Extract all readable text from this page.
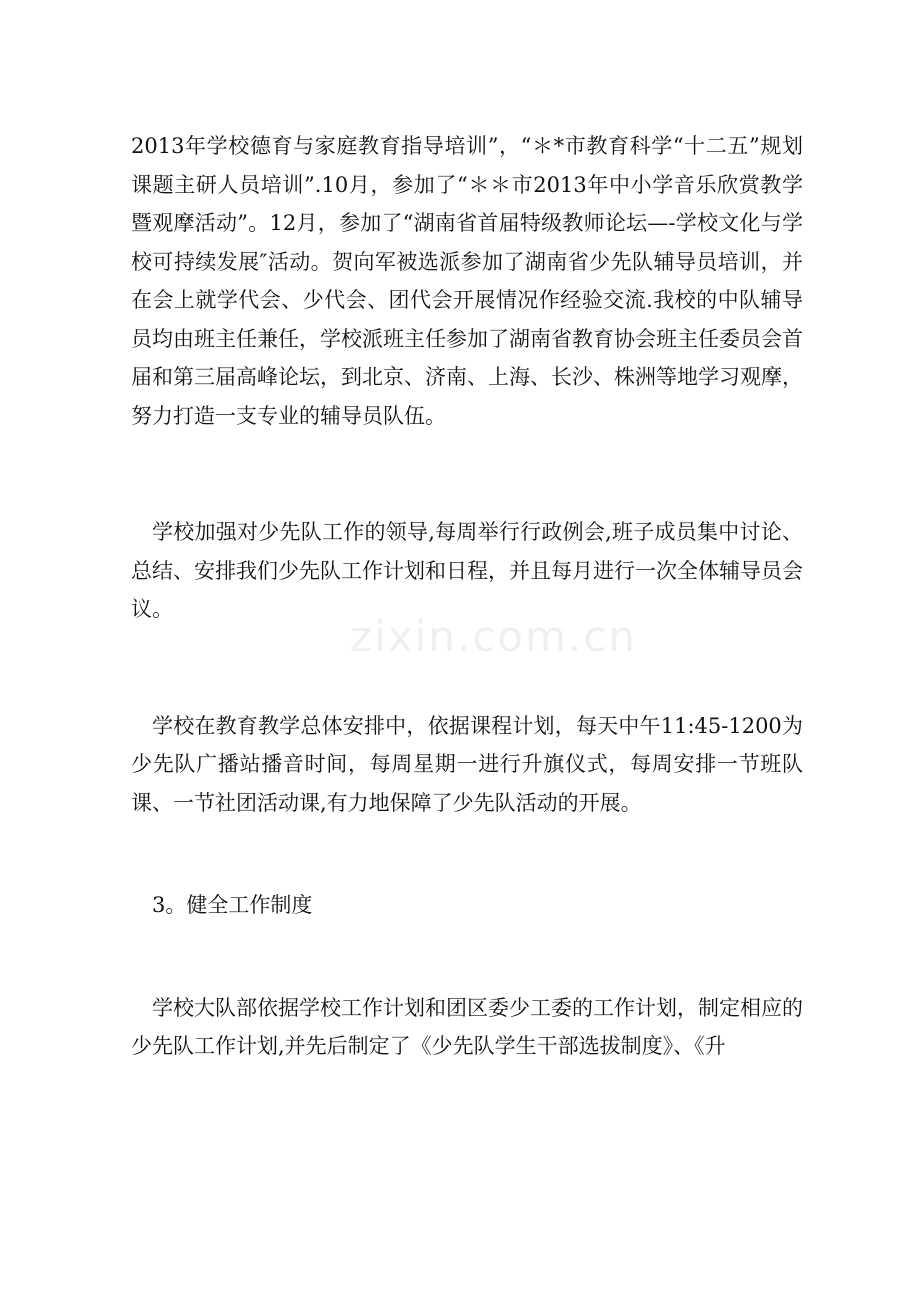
zixin.com.cn

2013年学校德育与家庭教育指导培训”，“＊*市教育科学“十二五”规划课题主研人员培训”.10月，参加了“＊＊市2013年中小学音乐欣赏教学暨观摩活动”。12月，参加了“湖南省首届特级教师论坛—-学校文化与学校可持续发展″活动。贺向军被选派参加了湖南省少先队辅导员培训，并在会上就学代会、少代会、团代会开展情况作经验交流.我校的中队辅导员均由班主任兼任，学校派班主任参加了湖南省教育协会班主任委员会首届和第三届高峰论坛，到北京、济南、上海、长沙、株洲等地学习观摩，努力打造一支专业的辅导员队伍。

学校加强对少先队工作的领导,每周举行行政例会,班子成员集中讨论、总结、安排我们少先队工作计划和日程，并且每月进行一次全体辅导员会议。

学校在教育教学总体安排中，依据课程计划，每天中午11:45-1200为少先队广播站播音时间，每周星期一进行升旗仪式，每周安排一节班队课、一节社团活动课,有力地保障了少先队活动的开展。

3。健全工作制度

学校大队部依据学校工作计划和团区委少工委的工作计划，制定相应的少先队工作计划,并先后制定了《少先队学生干部选拔制度》、《升
